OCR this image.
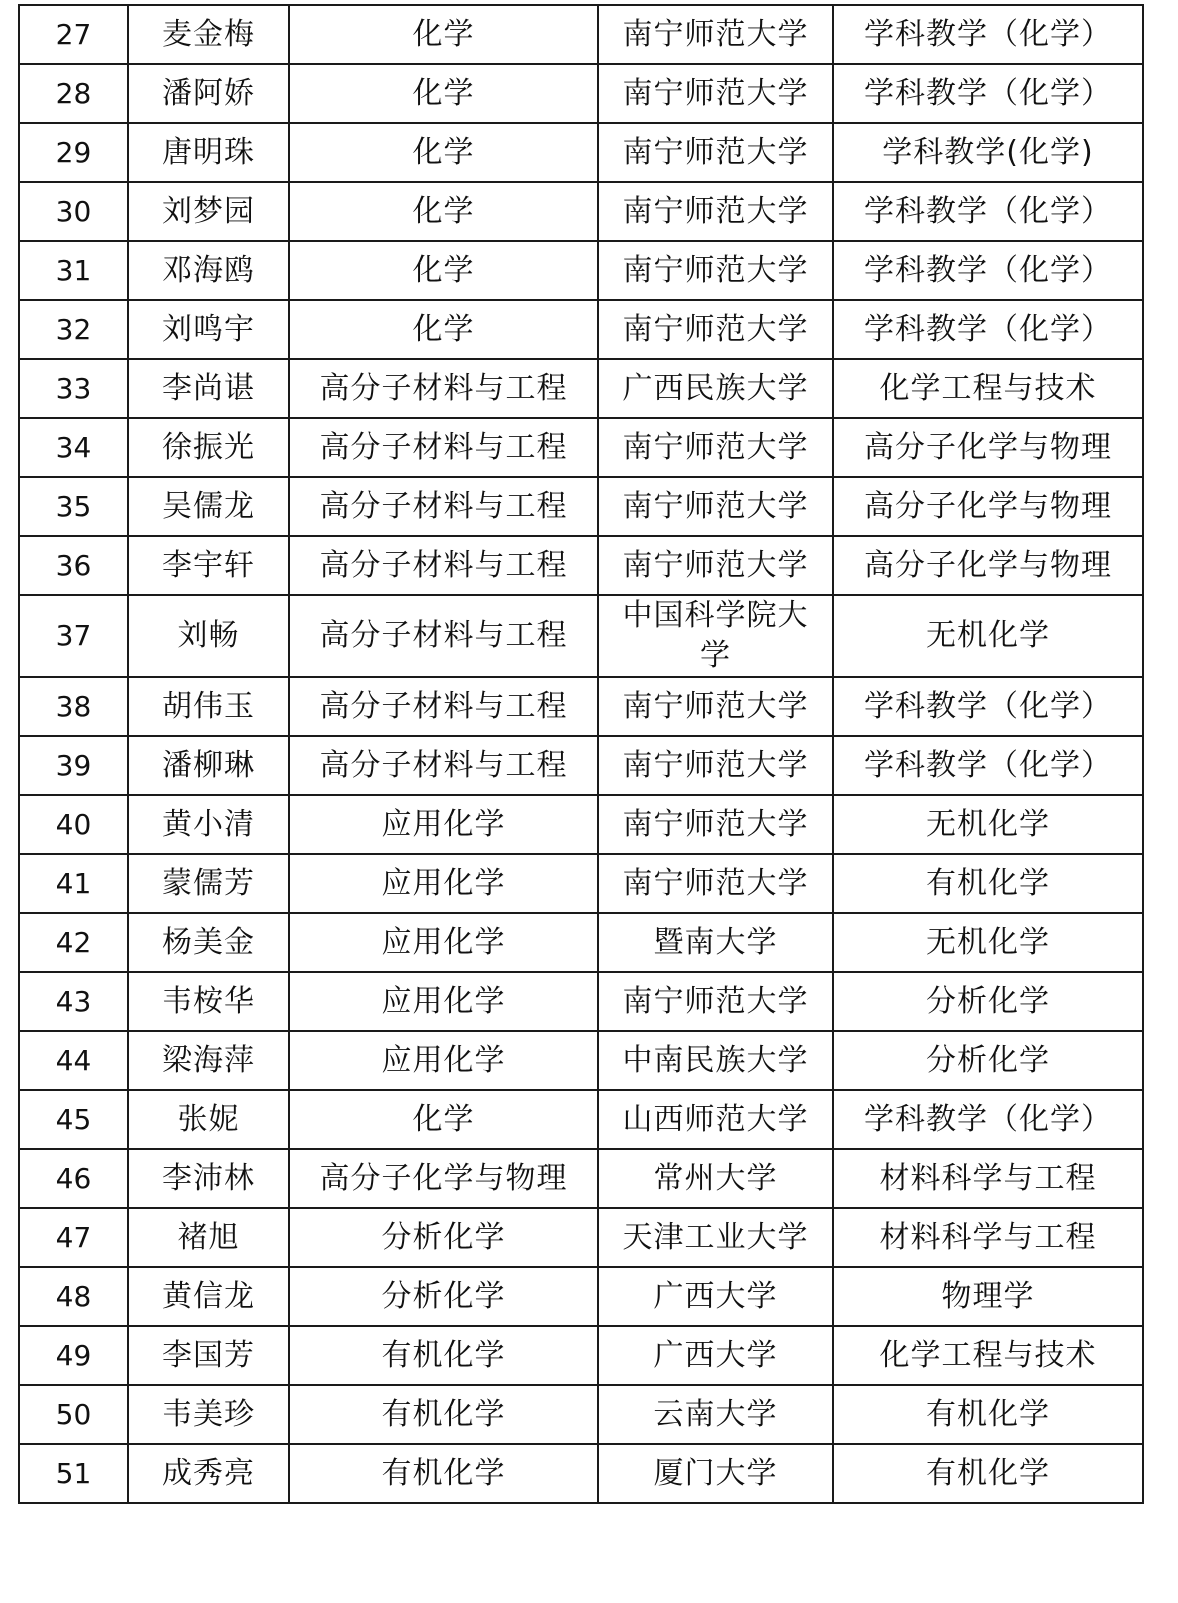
27	麦金梅	化学	南宁师范大学	学科教学（化学）
28	潘阿娇	化学	南宁师范大学	学科教学（化学）
29	唐明珠	化学	南宁师范大学	学科教学(化学)
30	刘梦园	化学	南宁师范大学	学科教学（化学）
31	邓海鸥	化学	南宁师范大学	学科教学（化学）
32	刘鸣宇	化学	南宁师范大学	学科教学（化学）
33	李尚谌	高分子材料与工程	广西民族大学	化学工程与技术
34	徐振光	高分子材料与工程	南宁师范大学	高分子化学与物理
35	吴儒龙	高分子材料与工程	南宁师范大学	高分子化学与物理
36	李宇轩	高分子材料与工程	南宁师范大学	高分子化学与物理
37	刘畅	高分子材料与工程	中国科学院大学	无机化学
38	胡伟玉	高分子材料与工程	南宁师范大学	学科教学（化学）
39	潘柳琳	高分子材料与工程	南宁师范大学	学科教学（化学）
40	黄小清	应用化学	南宁师范大学	无机化学
41	蒙儒芳	应用化学	南宁师范大学	有机化学
42	杨美金	应用化学	暨南大学	无机化学
43	韦桉华	应用化学	南宁师范大学	分析化学
44	梁海萍	应用化学	中南民族大学	分析化学
45	张妮	化学	山西师范大学	学科教学（化学）
46	李沛林	高分子化学与物理	常州大学	材料科学与工程
47	褚旭	分析化学	天津工业大学	材料科学与工程
48	黄信龙	分析化学	广西大学	物理学
49	李国芳	有机化学	广西大学	化学工程与技术
50	韦美珍	有机化学	云南大学	有机化学
51	成秀亮	有机化学	厦门大学	有机化学
